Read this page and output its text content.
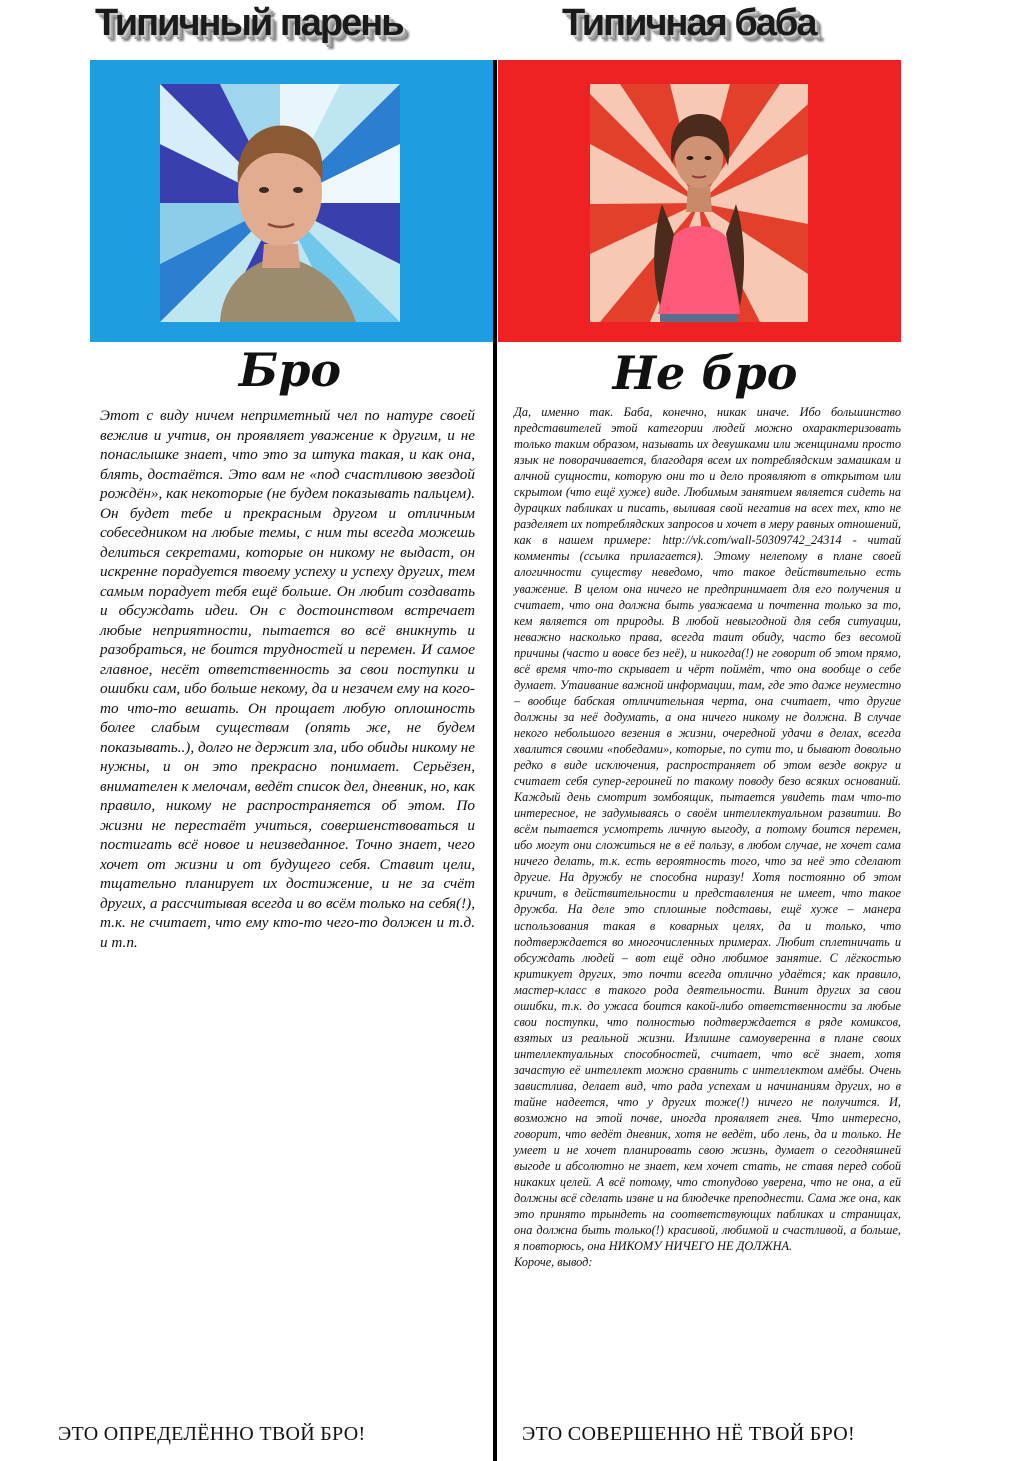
Типичный парень	Типичная баба
Бро	Не бро

Этот с виду ничем неприметный чел по натуре своей вежлив и учтив, он проявляет уважение к другим, и не понаслышке знает, что это за штука такая, и как она, блять, достаётся. Это вам не «под счастливою звездой рождён», как некоторые (не будем показывать пальцем). Он будет тебе и прекрасным другом и отличным собеседником на любые темы, с ним ты всегда можешь делиться секретами, которые он никому не выдаст, он искренне порадуется твоему успеху и успеху других, тем самым порадует тебя ещё больше. Он любит создавать и обсуждать идеи. Он с достоинством встречает любые неприятности, пытается во всё вникнуть и разобраться, не боится трудностей и перемен. И самое главное, несёт ответственность за свои поступки и ошибки сам, ибо больше некому, да и незачем ему на кого-то что-то вешать. Он прощает любую оплошность более слабым существам (опять же, не будем показывать..), долго не держит зла, ибо обиды никому не нужны, и он это прекрасно понимает. Серьёзен, внимателен к мелочам, ведёт список дел, дневник, но, как правило, никому не распространяется об этом. По жизни не перестаёт учиться, совершенствоваться и постигать всё новое и неизведанное. Точно знает, чего хочет от жизни и от будущего себя. Ставит цели, тщательно планирует их достижение, и не за счёт других, а рассчитывая всегда и во всём только на себя(!), т.к. не считает, что ему кто-то чего-то должен и т.д. и т.п.

Да, именно так. Баба, конечно, никак иначе. Ибо большинство представителей этой категории людей можно охарактеризовать только таким образом, называть их девушками или женщинами просто язык не поворачивается, благодаря всем их потреблядским замашкам и алчной сущности, которую они то и дело проявляют в открытом или скрытом (что ещё хуже) виде. Любимым занятием является сидеть на дурацких пабликах и писать, выливая свой негатив на всех тех, кто не разделяет их потреблядских запросов и хочет в меру равных отношений, как в нашем примере: http://vk.com/wall-50309742_24314 - читай комменты (ссылка прилагается). Этому нелепому в плане своей алогичности существу неведомо, что такое действительно есть уважение. В целом она ничего не предпринимает для его получения и считает, что она должна быть уважаема и почтенна только за то, кем является от природы. В любой невыгодной для себя ситуации, неважно насколько права, всегда таит обиду, часто без весомой причины (часто и вовсе без неё), и никогда(!) не говорит об этом прямо, всё время что-то скрывает и чёрт поймёт, что она вообще о себе думает. Утаивание важной информации, там, где это даже неуместно – вообще бабская отличительная черта, она считает, что другие должны за неё додумать, а она ничего никому не должна. В случае некого небольшого везения в жизни, очередной удачи в делах, всегда хвалится своими «победами», которые, по сути то, и бывают довольно редко в виде исключения, распространяет об этом везде вокруг и считает себя супер-героиней по такому поводу безо всяких оснований. Каждый день смотрит зомбоящик, пытается увидеть там что-то интересное, не задумываясь о своём интеллектуальном развитии. Во всём пытается усмотреть личную выгоду, а потому боится перемен, ибо могут они сложиться не в её пользу, в любом случае, не хочет сама ничего делать, т.к. есть вероятность того, что за неё это сделают другие. На дружбу не способна ниразу! Хотя постоянно об этом кричит, в действительности и представления не имеет, что такое дружба. На деле это сплошные подставы, ещё хуже – манера использования такая в коварных целях, да и только, что подтверждается во многочисленных примерах. Любит сплетничать и обсуждать людей – вот ещё одно любимое занятие. С лёгкостью критикует других, это почти всегда отлично удаётся; как правило, мастер-класс в такого рода деятельности. Винит других за свои ошибки, т.к. до ужаса боится какой-либо ответственности за любые свои поступки, что полностью подтверждается в ряде комиксов, взятых из реальной жизни. Излишне самоуверенна в плане своих интеллектуальных способностей, считает, что всё знает, хотя зачастую её интеллект можно сравнить с интеллектом амёбы. Очень завистлива, делает вид, что рада успехам и начинаниям других, но в тайне надеется, что у других тоже(!) ничего не получится. И, возможно на этой почве, иногда проявляет гнев. Что интересно, говорит, что ведёт дневник, хотя не ведёт, ибо лень, да и только. Не умеет и не хочет планировать свою жизнь, думает о сегодняшней выгоде и абсолютно не знает, кем хочет стать, не ставя перед собой никаких целей. А всё потому, что стопудово уверена, что не она, а ей должны всё сделать извне и на блюдечке преподнести. Сама же она, как это принято трындеть на соответствующих пабликах и страницах, она должна быть только(!) красивой, любимой и счастливой, а больше, я повторюсь, она НИКОМУ НИЧЕГО НЕ ДОЛЖНА.
Короче, вывод:

ЭТО ОПРЕДЕЛЁННО ТВОЙ БРО!	ЭТО СОВЕРШЕННО НЁ ТВОЙ БРО!
